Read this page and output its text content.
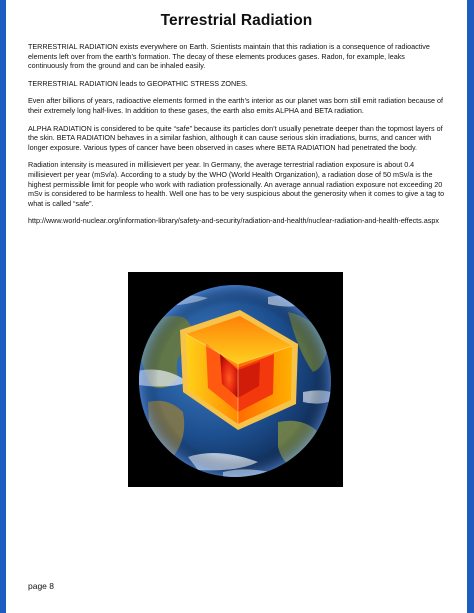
Terrestrial Radiation

TERRESTRIAL RADIATION exists everywhere on Earth. Scientists maintain that this radiation is a consequence of radioactive elements left over from the earth’s formation. The decay of these elements produces gases. Radon, for example, leaks continuously from the ground and can be inhaled easily.

TERRESTRIAL RADIATION leads to GEOPATHIC STRESS ZONES.

Even after billions of years, radioactive elements formed in the earth’s interior as our planet was born still emit radiation because of their extremely long half-lives. In addition to these gases, the earth also emits ALPHA and BETA radiation.

ALPHA RADIATION is considered to be quite “safe” because its particles don’t usually penetrate deeper than the topmost layers of the skin. BETA RADIATION behaves in a similar fashion, although it can cause serious skin irradiations, burns, and cancer with longer exposure. Various types of cancer have been observed in cases where BETA RADIATION had penetrated the body.

Radiation intensity is measured in millisievert per year. In Germany, the average terrestrial radiation exposure is about 0.4 millisievert per year (mSv/a). According to a study by the WHO (World Health Organization), a radiation dose of 50 mSv/a is the highest permissible limit for people who work with radiation professionally. An average annual radiation exposure not exceeding 20 mSv is considered to be harmless to health. Well one has to be very suspicious about the generosity when it comes to give a tag to what is called “safe”.

http://www.world-nuclear.org/information-library/safety-and-security/radiation-and-health/nuclear-radiation-and-health-effects.aspx

page 8
